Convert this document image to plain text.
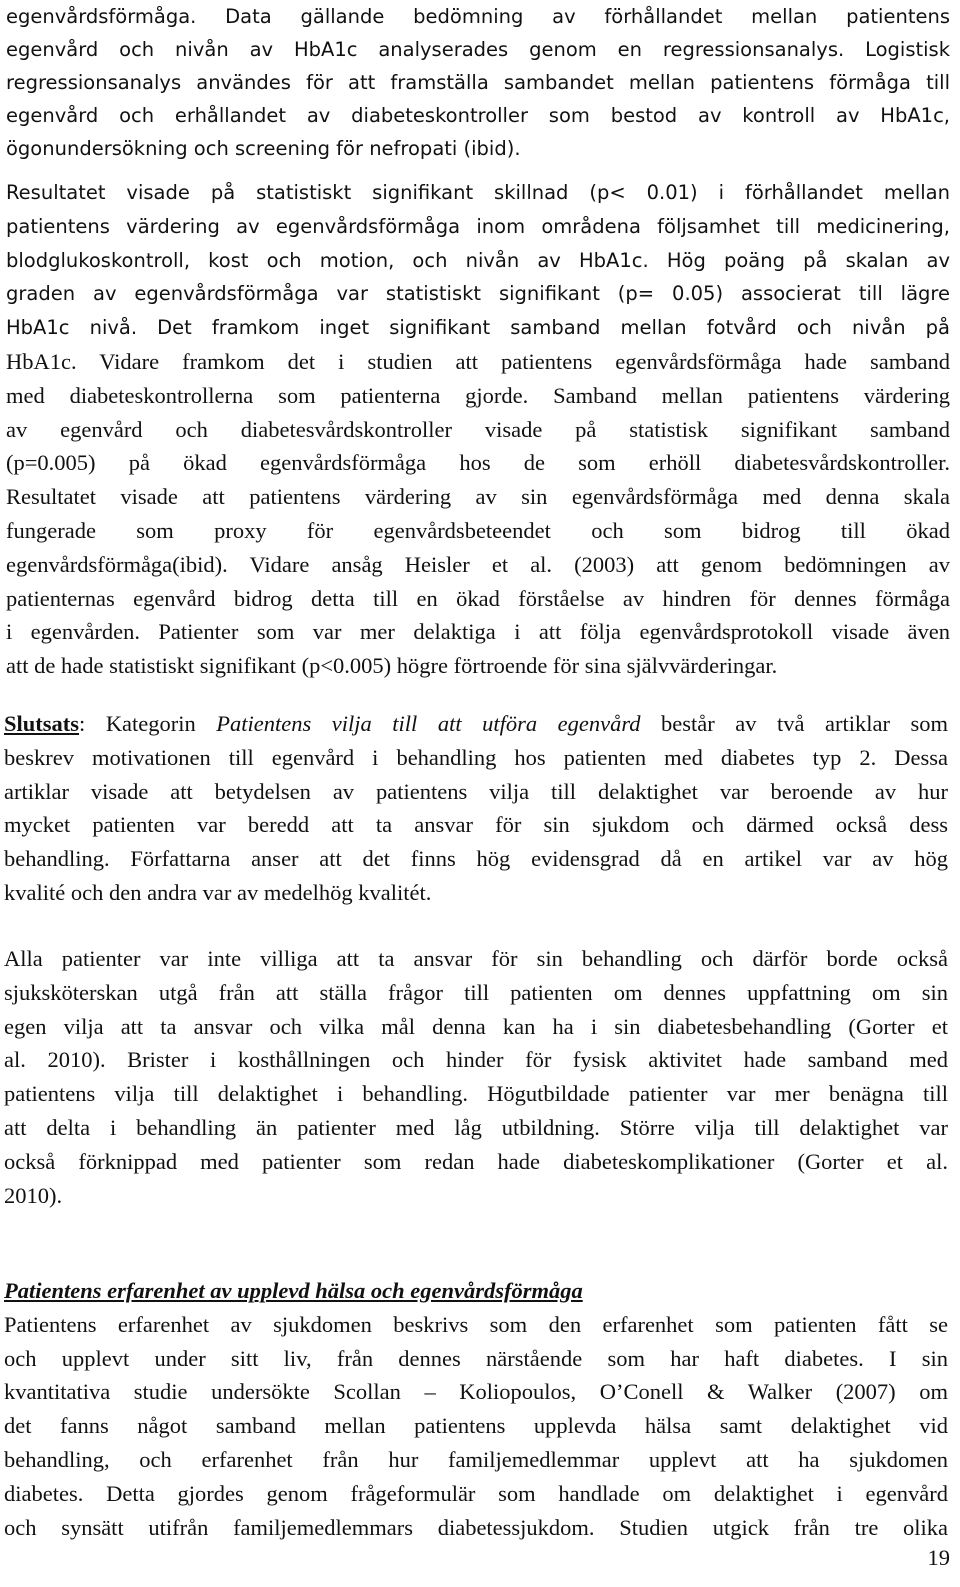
egenvårdsförmåga. Data gällande bedömning av förhållandet mellan patientens

egenvård och nivån av HbA1c analyserades genom en regressionsanalys. Logistisk

regressionsanalys användes för att framställa sambandet mellan patientens förmåga till

egenvård och erhållandet av diabeteskontroller som bestod av kontroll av HbA1c,

ögonundersökning och screening för nefropati (ibid).

Resultatet visade på statistiskt signifikant skillnad (p< 0.01) i förhållandet mellan

patientens värdering av egenvårdsförmåga inom områdena följsamhet till medicinering,

blodglukoskontroll, kost och motion, och nivån av HbA1c. Hög poäng på skalan av

graden av egenvårdsförmåga var statistiskt signifikant (p= 0.05) associerat till lägre

HbA1c nivå. Det framkom inget signifikant samband mellan fotvård och nivån på

HbA1c. Vidare framkom det i studien att patientens egenvårdsförmåga hade samband

med diabeteskontrollerna som patienterna gjorde. Samband mellan patientens värdering

av egenvård och diabetesvårdskontroller visade på statistisk signifikant samband

(p=0.005) på ökad egenvårdsförmåga hos de som erhöll diabetesvårdskontroller.

Resultatet visade att patientens värdering av sin egenvårdsförmåga med denna skala

fungerade som proxy för egenvårdsbeteendet och som bidrog till ökad

egenvårdsförmåga(ibid). Vidare ansåg Heisler et al. (2003) att genom bedömningen av

patienternas egenvård bidrog detta till en ökad förståelse av hindren för dennes förmåga

i egenvården. Patienter som var mer delaktiga i att följa egenvårdsprotokoll visade även

att de hade statistiskt signifikant (p<0.005) högre förtroende för sina självvärderingar.

Slutsats: Kategorin Patientens vilja till att utföra egenvård består av två artiklar som

beskrev motivationen till egenvård i behandling hos patienten med diabetes typ 2. Dessa

artiklar visade att betydelsen av patientens vilja till delaktighet var beroende av hur

mycket patienten var beredd att ta ansvar för sin sjukdom och därmed också dess

behandling. Författarna anser att det finns hög evidensgrad då en artikel var av hög

kvalité och den andra var av medelhög kvalitét.

Alla patienter var inte villiga att ta ansvar för sin behandling och därför borde också

sjuksköterskan utgå från att ställa frågor till patienten om dennes uppfattning om sin

egen vilja att ta ansvar och vilka mål denna kan ha i sin diabetesbehandling (Gorter et

al. 2010). Brister i kosthållningen och hinder för fysisk aktivitet hade samband med

patientens vilja till delaktighet i behandling. Högutbildade patienter var mer benägna till

att delta i behandling än patienter med låg utbildning. Större vilja till delaktighet var

också förknippad med patienter som redan hade diabeteskomplikationer (Gorter et al.

2010).

Patientens erfarenhet av upplevd hälsa och egenvårdsförmåga

Patientens erfarenhet av sjukdomen beskrivs som den erfarenhet som patienten fått se

och upplevt under sitt liv, från dennes närstående som har haft diabetes. I sin

kvantitativa studie undersökte Scollan – Koliopoulos, O’Conell & Walker (2007) om

det fanns något samband mellan patientens upplevda hälsa samt delaktighet vid

behandling, och erfarenhet från hur familjemedlemmar upplevt att ha sjukdomen

diabetes. Detta gjordes genom frågeformulär som handlade om delaktighet i egenvård

och synsätt utifrån familjemedlemmars diabetessjukdom. Studien utgick från tre olika

19
